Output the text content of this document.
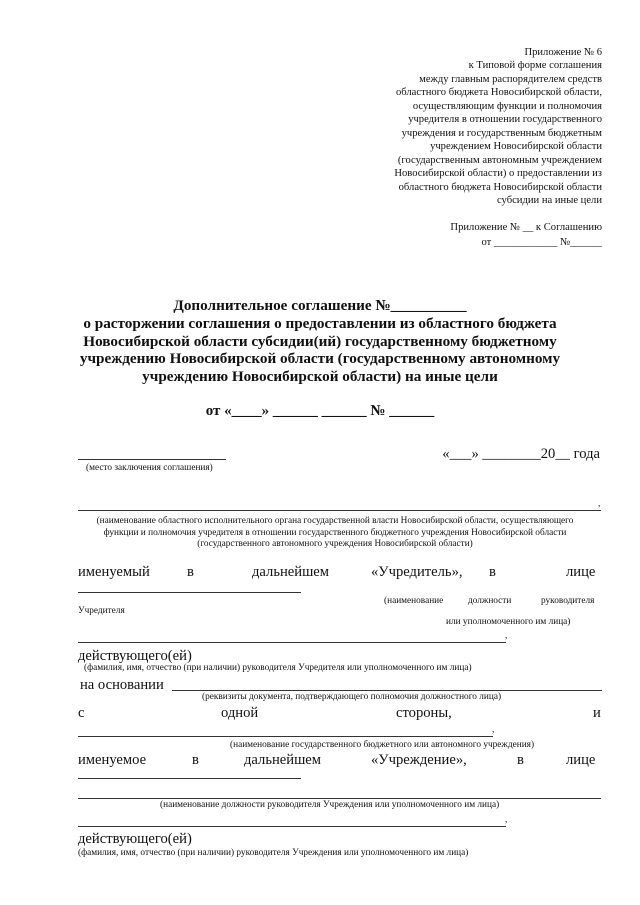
Приложение № 6
к Типовой форме соглашения
между главным распорядителем средств
областного бюджета Новосибирской области,
осуществляющим функции и полномочия
учредителя в отношении государственного
учреждения и государственным бюджетным
учреждением Новосибирской области
(государственным автономным учреждением
Новосибирской области) о предоставлении из
областного бюджета Новосибирской области
субсидии на иные цели
Приложение № __ к Соглашению
от ____________ №______
Дополнительное соглашение №__________
о расторжении соглашения о предоставлении из областного бюджета
Новосибирской области субсидии(ий) государственному бюджетному
учреждению Новосибирской области (государственному автономному
учреждению Новосибирской области) на иные цели
от «____» ______ ______ № ______
(место заключения соглашения)
«___» ________20__ года
,
(наименование областного исполнительного органа государственной власти Новосибирской области, осуществляющего
функции и полномочия учредителя в отношении государственного бюджетного учреждения Новосибирской области
(государственного автономного учреждения Новосибирской области)
именуемый	в	дальнейшем	«Учредитель», в	лице
(наименование	должности	руководителя
Учредителя
или уполномоченного им лица)
,
действующего(ей)
(фамилия, имя, отчество (при наличии) руководителя Учредителя или уполномоченного им лица)
на основании
(реквизиты документа, подтверждающего полномочия должностного лица)
с	одной	стороны,	и
,
(наименование государственного бюджетного или автономного учреждения)
именуемое	в	дальнейшем	«Учреждение»,	в	лице
(наименование должности руководителя Учреждения или уполномоченного им лица)
,
действующего(ей)
(фамилия, имя, отчество (при наличии) руководителя Учреждения или уполномоченного им лица)
